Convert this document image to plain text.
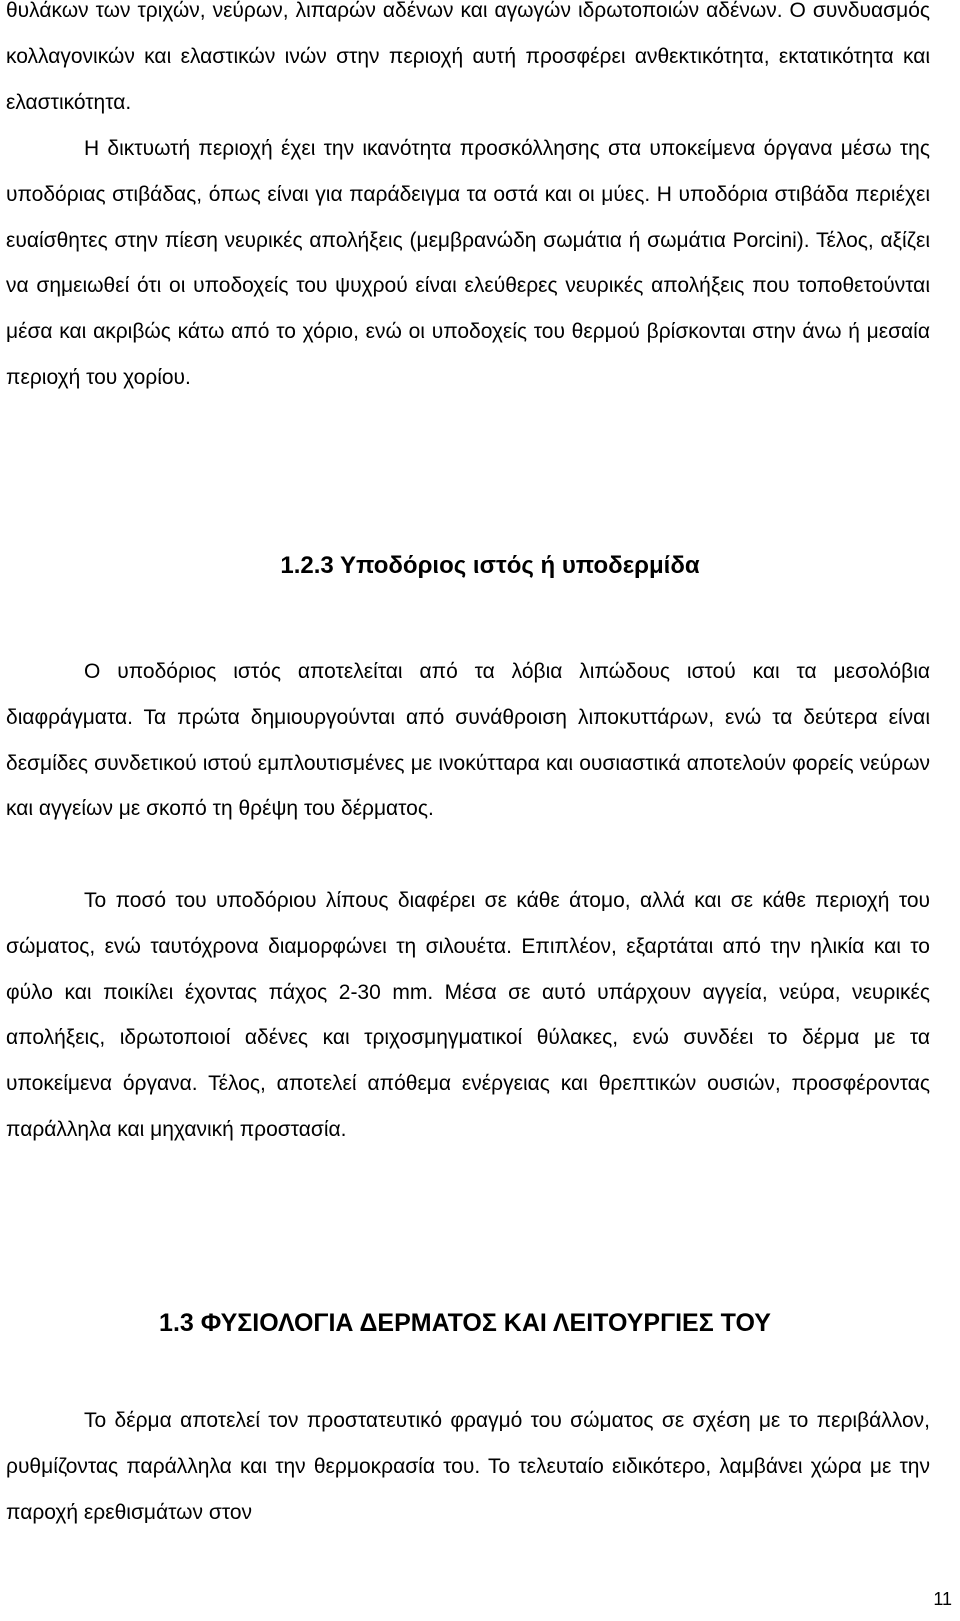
θυλάκων των τριχών, νεύρων, λιπαρών αδένων και αγωγών ιδρωτοποιών αδένων. Ο συνδυασμός κολλαγονικών και ελαστικών ινών στην περιοχή αυτή προσφέρει ανθεκτικότητα, εκτατικότητα και ελαστικότητα.

Η δικτυωτή περιοχή έχει την ικανότητα προσκόλλησης στα υποκείμενα όργανα μέσω της υποδόριας στιβάδας, όπως είναι για παράδειγμα τα οστά και οι μύες. Η υποδόρια στιβάδα περιέχει ευαίσθητες στην πίεση νευρικές απολήξεις (μεμβρανώδη σωμάτια ή σωμάτια Porcini). Τέλος, αξίζει να σημειωθεί ότι οι υποδοχείς του ψυχρού είναι ελεύθερες νευρικές απολήξεις που τοποθετούνται μέσα και ακριβώς κάτω από το χόριο, ενώ οι υποδοχείς του θερμού βρίσκονται στην άνω ή μεσαία περιοχή του χορίου.

1.2.3 Υποδόριος ιστός ή υποδερμίδα

Ο υποδόριος ιστός αποτελείται από τα λόβια λιπώδους ιστού και τα μεσολόβια διαφράγματα. Τα πρώτα δημιουργούνται από συνάθροιση λιποκυττάρων, ενώ τα δεύτερα είναι δεσμίδες συνδετικού ιστού εμπλουτισμένες με ινοκύτταρα και ουσιαστικά αποτελούν φορείς νεύρων και αγγείων με σκοπό τη θρέψη του δέρματος.

Το ποσό του υποδόριου λίπους διαφέρει σε κάθε άτομο, αλλά και σε κάθε περιοχή του σώματος, ενώ ταυτόχρονα διαμορφώνει τη σιλουέτα. Επιπλέον, εξαρτάται από την ηλικία και το φύλο και ποικίλει έχοντας πάχος 2-30 mm. Μέσα σε αυτό υπάρχουν αγγεία, νεύρα, νευρικές απολήξεις, ιδρωτοποιοί αδένες και τριχοσμηγματικοί θύλακες, ενώ συνδέει το δέρμα με τα υποκείμενα όργανα. Τέλος, αποτελεί απόθεμα ενέργειας και θρεπτικών ουσιών, προσφέροντας παράλληλα και μηχανική προστασία.

1.3 ΦΥΣΙΟΛΟΓΙΑ ΔΕΡΜΑΤΟΣ ΚΑΙ ΛΕΙΤΟΥΡΓΙΕΣ ΤΟΥ

Το δέρμα αποτελεί τον προστατευτικό φραγμό του σώματος σε σχέση με το περιβάλλον, ρυθμίζοντας παράλληλα και την θερμοκρασία του. Το τελευταίο ειδικότερο, λαμβάνει χώρα με την παροχή ερεθισμάτων στον

11
